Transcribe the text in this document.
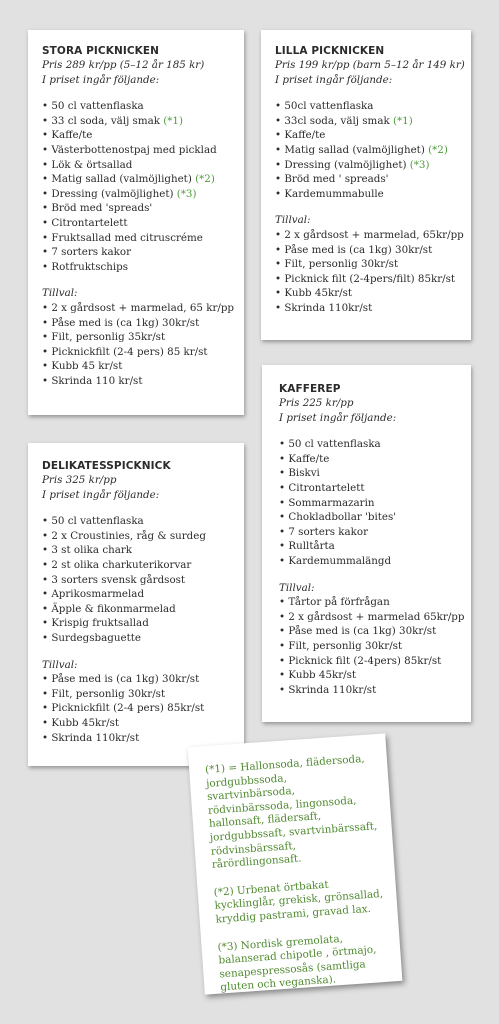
STORA PICKNICKEN
Pris 289 kr/pp (5–12 år 185 kr)
I priset ingår följande:
• 50 cl vattenflaska
• 33 cl soda, välj smak (*1)
• Kaffe/te
• Västerbottenostpaj med picklad
• Lök & örtsallad
• Matig sallad (valmöjlighet) (*2)
• Dressing (valmöjlighet) (*3)
• Bröd med 'spreads'
• Citrontartelett
• Fruktsallad med citruscréme
• 7 sorters kakor
• Rotfruktschips
Tillval:
• 2 x gårdsost + marmelad, 65 kr/pp
• Påse med is (ca 1kg) 30kr/st
• Filt, personlig 35kr/st
• Picknickfilt (2-4 pers) 85 kr/st
• Kubb 45 kr/st
• Skrinda 110 kr/st
LILLA PICKNICKEN
Pris 199 kr/pp (barn 5–12 år 149 kr)
I priset ingår följande:
• 50cl vattenflaska
• 33cl soda, välj smak (*1)
• Kaffe/te
• Matig sallad (valmöjlighet) (*2)
• Dressing (valmöjlighet) (*3)
• Bröd med ' spreads'
• Kardemummabulle
Tillval:
• 2 x gårdsost + marmelad, 65kr/pp
• Påse med is (ca 1kg) 30kr/st
• Filt, personlig 30kr/st
• Picknick filt (2-4pers/filt) 85kr/st
• Kubb 45kr/st
• Skrinda 110kr/st
KAFFEREP
Pris 225 kr/pp
I priset ingår följande:
• 50 cl vattenflaska
• Kaffe/te
• Biskvi
• Citrontartelett
• Sommarmazarin
• Chokladbollar 'bites'
• 7 sorters kakor
• Rulltårta
• Kardemummalängd
Tillval:
• Tårtor på förfrågan
• 2 x gårdsost + marmelad 65kr/pp
• Påse med is (ca 1kg) 30kr/st
• Filt, personlig 30kr/st
• Picknick filt (2-4pers) 85kr/st
• Kubb 45kr/st
• Skrinda 110kr/st
DELIKATESSPICKNICK
Pris 325 kr/pp
I priset ingår följande:
• 50 cl vattenflaska
• 2 x Croustinies, råg & surdeg
• 3 st olika chark
• 2 st olika charkuterikorvar
• 3 sorters svensk gårdsost
• Aprikosmarmelad
• Äpple & fikonmarmelad
• Krispig fruktsallad
• Surdegsbaguette
Tillval:
• Påse med is (ca 1kg) 30kr/st
• Filt, personlig 30kr/st
• Picknickfilt (2-4 pers) 85kr/st
• Kubb 45kr/st
• Skrinda 110kr/st

(*1) = Hallonsoda, flädersoda, jordgubbssoda, svartvinbärsoda, rödvinbärssoda, lingonsoda, hallonsaft, flädersaft, jordgubbssaft, svartvinbärssaft, rödvinsbärssaft, rårördlingonsaft.

(*2) Urbenat örtbakat kycklinglår, grekisk, grönsallad, kryddig pastrami, gravad lax.

(*3) Nordisk gremolata, balanserad chipotle , örtmajo, senapespressosås (samtliga gluten och veganska).
